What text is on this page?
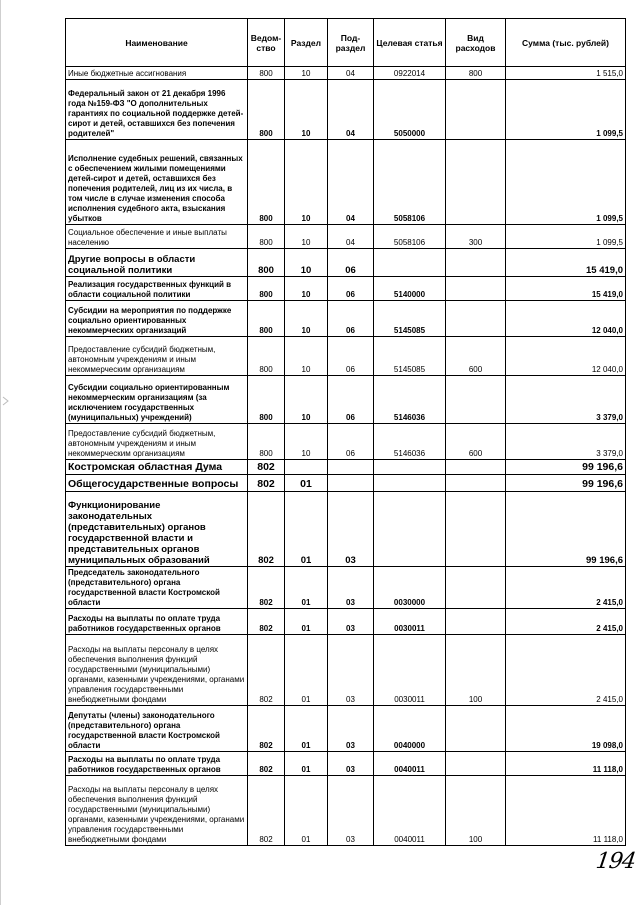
Наименование	Ведом-ство	Раздел	Под-раздел	Целевая статья	Вид расходов	Сумма (тыс. рублей)
Иные бюджетные ассигнования	800	10	04	0922014	800	1 515,0
Федеральный закон от 21 декабря 1996 года №159-ФЗ "О дополнительных гарантиях по социальной поддержке детей-сирот и детей, оставшихся без попечения родителей"	800	10	04	5050000		1 099,5
Исполнение судебных решений, связанных с обеспечением жилыми помещениями детей-сирот и детей, оставшихся без попечения родителей, лиц из их числа, в том числе в случае изменения способа исполнения судебного акта, взыскания убытков	800	10	04	5058106		1 099,5
Социальное обеспечение и иные выплаты населению	800	10	04	5058106	300	1 099,5
Другие вопросы в области социальной политики	800	10	06			15 419,0
Реализация государственных функций в области социальной политики	800	10	06	5140000		15 419,0
Субсидии на мероприятия по поддержке социально ориентированных некоммерческих организаций	800	10	06	5145085		12 040,0
Предоставление субсидий бюджетным, автономным учреждениям и иным некоммерческим организациям	800	10	06	5145085	600	12 040,0
Субсидии социально ориентированным некоммерческим организациям (за исключением государственных (муниципальных) учреждений)	800	10	06	5146036		3 379,0
Предоставление субсидий бюджетным, автономным учреждениям и иным некоммерческим организациям	800	10	06	5146036	600	3 379,0
Костромская областная Дума	802					99 196,6
Общегосударственные вопросы	802	01				99 196,6
Функционирование законодательных (представительных) органов государственной власти и представительных органов муниципальных образований	802	01	03			99 196,6
Председатель законодательного (представительного) органа государственной власти Костромской области	802	01	03	0030000		2 415,0
Расходы на выплаты по оплате труда работников государственных органов	802	01	03	0030011		2 415,0
Расходы на выплаты персоналу в целях обеспечения выполнения функций государственными (муниципальными) органами, казенными учреждениями, органами управления государственными внебюджетными фондами	802	01	03	0030011	100	2 415,0
Депутаты (члены) законодательного (представительного) органа государственной власти Костромской области	802	01	03	0040000		19 098,0
Расходы на выплаты по оплате труда работников государственных органов	802	01	03	0040011		11 118,0
Расходы на выплаты персоналу в целях обеспечения выполнения функций государственными (муниципальными) органами, казенными учреждениями, органами управления государственными внебюджетными фондами	802	01	03	0040011	100	11 118,0
194
